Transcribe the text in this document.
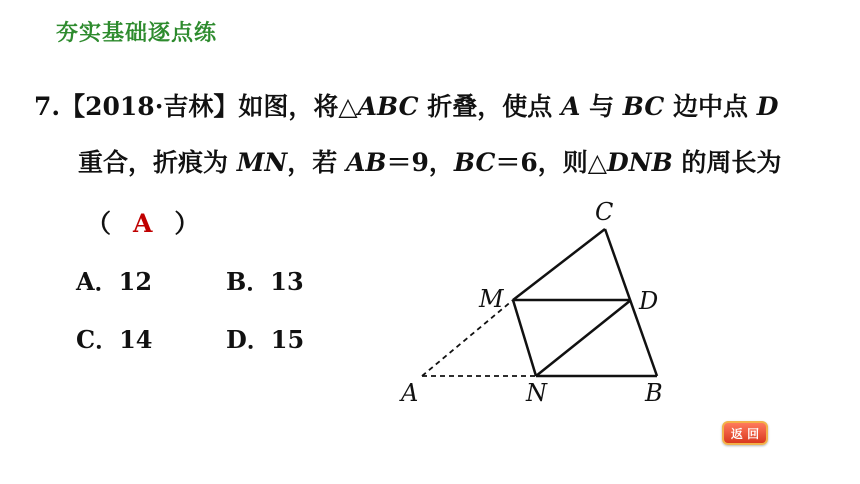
夯实基础逐点练
7.【2018·吉林】如图，将△ABC 折叠，使点 A 与 BC 边中点 D
重合，折痕为 MN，若 AB＝9，BC＝6，则△DNB 的周长为
（ A ）
A．12	B．13
C．14	D．15
C
M	D
A	N	B
返 回
